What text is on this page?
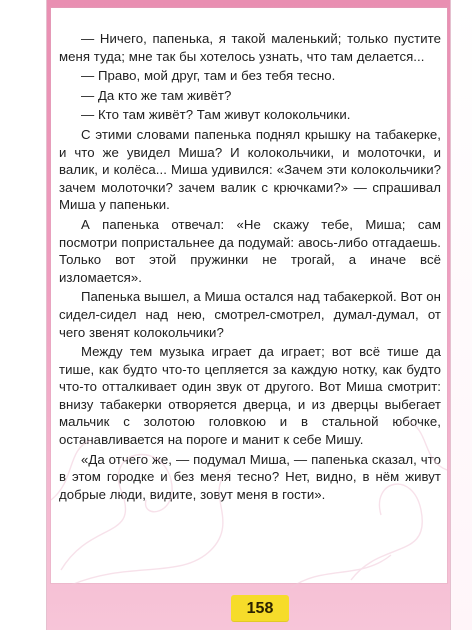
— Ничего, папенька, я такой маленький; только пустите меня туда; мне так бы хотелось узнать, что там делается...

— Право, мой друг, там и без тебя тесно.

— Да кто же там живёт?

— Кто там живёт? Там живут колокольчики.

С этими словами папенька поднял крышку на табакерке, и что же увидел Миша? И колокольчики, и молоточки, и валик, и колёса... Миша удивился: «Зачем эти колокольчики? зачем молоточки? зачем валик с крючками?» — спрашивал Миша у папеньки.

А папенька отвечал: «Не скажу тебе, Миша; сам посмотри попристальнее да подумай: авось-либо отгадаешь. Только вот этой пружинки не трогай, а иначе всё изломается».

Папенька вышел, а Миша остался над табакеркой. Вот он сидел-сидел над нею, смотрел-смотрел, думал-думал, от чего звенят колокольчики?

Между тем музыка играет да играет; вот всё тише да тише, как будто что-то цепляется за каждую нотку, как будто что-то отталкивает один звук от другого. Вот Миша смотрит: внизу табакерки отворяется дверца, и из дверцы выбегает мальчик с золотою головкою и в стальной юбочке, останавливается на пороге и манит к себе Мишу.

«Да отчего же, — подумал Миша, — папенька сказал, что в этом городке и без меня тесно? Нет, видно, в нём живут добрые люди, видите, зовут меня в гости».

158
